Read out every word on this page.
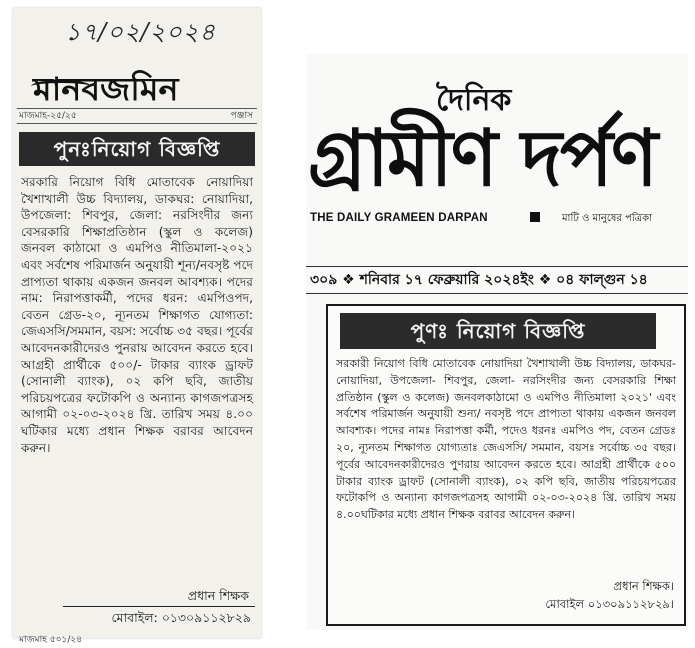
১৭/০২/২০২৪
মানবজমিন
মাজমাহ-২৫/২৫	পঞ্জাস
পুনঃনিয়োগ বিজ্ঞপ্তি
সরকারি নিয়োগ বিধি মোতাবেক নোয়াদিয়া খৈশাখালী উচ্চ বিদ্যালয়, ডাকঘর: নোয়াদিয়া, উপজেলা: শিবপুর, জেলা: নরসিংদীর জন্য বেসরকারি শিক্ষাপ্রতিষ্ঠান (স্কুল ও কলেজ) জনবল কাঠামো ও এমপিও নীতিমালা-২০২১ এবং সর্বশেষ পরিমার্জন অনুযায়ী শূন্য/নবসৃষ্ট পদে প্রাপ্যতা থাকায় একজন জনবল আবশ্যক। পদের নাম: নিরাপত্তাকর্মী, পদের ধরন: এমপিওপদ, বেতন গ্রেড-২০, ন্যূনতম শিক্ষাগত যোগ্যতা: জেএসসি/সমমান, বয়স: সর্বোচ্চ ৩৫ বছর। পূর্বের আবেদনকারীদেরও পুনরায় আবেদন করতে হবে। আগ্রহী প্রার্থীকে ৫০০/- টাকার ব্যাংক ড্রাফট (সোনালী ব্যাংক), ০২ কপি ছবি, জাতীয় পরিচয়পত্রের ফটোকপি ও অন্যান্য কাগজপত্রসহ আগামী ০২-০৩-২০২৪ খ্রি. তারিখ সময় ৪.০০ ঘটিকার মধ্যে প্রধান শিক্ষক বরাবর আবেদন করুন।
প্রধান শিক্ষক
মোবাইল: ০১৩০৯১১২৮২৯
মাজমাহ ৫০১/২৪
দৈনিক
গ্রামীণ দর্পণ
THE DAILY GRAMEEN DARPAN	মাটি ও মানুষের পত্রিকা
৩০৯ ❖ শনিবার ১৭ ফেব্রুয়ারি ২০২৪ইং ❖ ০৪ ফাল্গুন ১৪
পুণঃ নিয়োগ বিজ্ঞপ্তি
সরকারী নিয়োগ বিধি মোতাবেক নোয়াদিয়া খৈশাখালী উচ্চ বিদ্যালয়, ডাকঘর- নোয়াদিয়া, উপজেলা- শিবপুর, জেলা- নরসিংদীর জন্য বেসরকারি শিক্ষা প্রতিষ্ঠান (স্কুল ও কলেজ) জনবলকাঠামো ও এমপিও নীতিমালা ২০২১' এবং সর্বশেষ পরিমার্জন অনুযায়ী শুন্য/ নবসৃষ্ট পদে প্রাপ্যতা থাকায় একজন জনবল আবশ্যক। পদের নামঃ নিরাপত্তা কর্মী, পদেও ধরনঃ এমপিও পদ, বেতন গ্রেডঃ ২০, ন্যূনতম শিক্ষাগত যোগ্যতাঃ জেএসসি/ সমমান, বয়সঃ সর্বোচ্চ ৩৫ বছর। পূর্বের আবেদনকারীদেরও পুণরায় আবেদন করতে হবে। আগ্রহী প্রার্থীকে ৫০০ টাকার ব্যাংক ড্রাফট (সোনালী ব্যাংক), ০২ কপি ছবি, জাতীয় পরিচয়পত্রের ফটোকপি ও অন্যান্য কাগজপত্রসহ আগামী ০২-০৩-২০২৪ খ্রি. তারিখ সময় ৪.০০ঘটিকার মধ্যে প্রধান শিক্ষক বরাবর আবেদন করুন।
প্রধান শিক্ষক।
মোবাইল ০১৩০৯১১২৮২৯।
